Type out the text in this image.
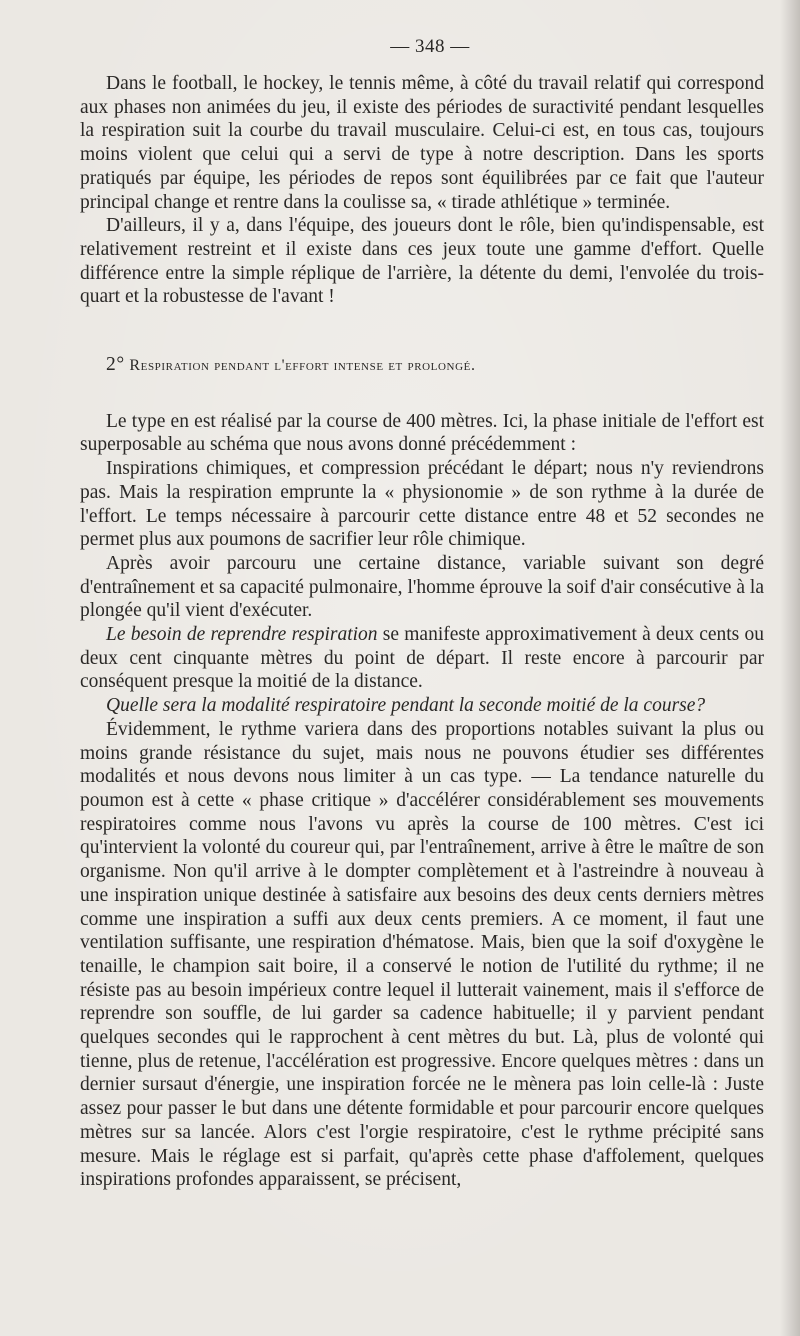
— 348 —

Dans le football, le hockey, le tennis même, à côté du travail relatif qui correspond aux phases non animées du jeu, il existe des périodes de suractivité pendant lesquelles la respiration suit la courbe du travail musculaire. Celui-ci est, en tous cas, toujours moins violent que celui qui a servi de type à notre description. Dans les sports pratiqués par équipe, les périodes de repos sont équilibrées par ce fait que l'auteur principal change et rentre dans la coulisse sa, « tirade athlétique » terminée.

D'ailleurs, il y a, dans l'équipe, des joueurs dont le rôle, bien qu'indispensable, est relativement restreint et il existe dans ces jeux toute une gamme d'effort. Quelle différence entre la simple réplique de l'arrière, la détente du demi, l'envolée du trois-quart et la robustesse de l'avant !

2° Respiration pendant l'effort intense et prolongé.

Le type en est réalisé par la course de 400 mètres. Ici, la phase initiale de l'effort est superposable au schéma que nous avons donné précédemment :

Inspirations chimiques, et compression précédant le départ; nous n'y reviendrons pas. Mais la respiration emprunte la « physionomie » de son rythme à la durée de l'effort. Le temps nécessaire à parcourir cette distance entre 48 et 52 secondes ne permet plus aux poumons de sacrifier leur rôle chimique.

Après avoir parcouru une certaine distance, variable suivant son degré d'entraînement et sa capacité pulmonaire, l'homme éprouve la soif d'air consécutive à la plongée qu'il vient d'exécuter.

Le besoin de reprendre respiration se manifeste approximativement à deux cents ou deux cent cinquante mètres du point de départ. Il reste encore à parcourir par conséquent presque la moitié de la distance.

Quelle sera la modalité respiratoire pendant la seconde moitié de la course?

Évidemment, le rythme variera dans des proportions notables suivant la plus ou moins grande résistance du sujet, mais nous ne pouvons étudier ses différentes modalités et nous devons nous limiter à un cas type. — La tendance naturelle du poumon est à cette « phase critique » d'accélérer considérablement ses mouvements respiratoires comme nous l'avons vu après la course de 100 mètres. C'est ici qu'intervient la volonté du coureur qui, par l'entraînement, arrive à être le maître de son organisme. Non qu'il arrive à le dompter complètement et à l'astreindre à nouveau à une inspiration unique destinée à satisfaire aux besoins des deux cents derniers mètres comme une inspiration a suffi aux deux cents premiers. A ce moment, il faut une ventilation suffisante, une respiration d'hématose. Mais, bien que la soif d'oxygène le tenaille, le champion sait boire, il a conservé le notion de l'utilité du rythme; il ne résiste pas au besoin impérieux contre lequel il lutterait vainement, mais il s'efforce de reprendre son souffle, de lui garder sa cadence habituelle; il y parvient pendant quelques secondes qui le rapprochent à cent mètres du but. Là, plus de volonté qui tienne, plus de retenue, l'accélération est progressive. Encore quelques mètres : dans un dernier sursaut d'énergie, une inspiration forcée ne le mènera pas loin celle-là : Juste assez pour passer le but dans une détente formidable et pour parcourir encore quelques mètres sur sa lancée. Alors c'est l'orgie respiratoire, c'est le rythme précipité sans mesure. Mais le réglage est si parfait, qu'après cette phase d'affolement, quelques inspirations profondes apparaissent, se précisent,
